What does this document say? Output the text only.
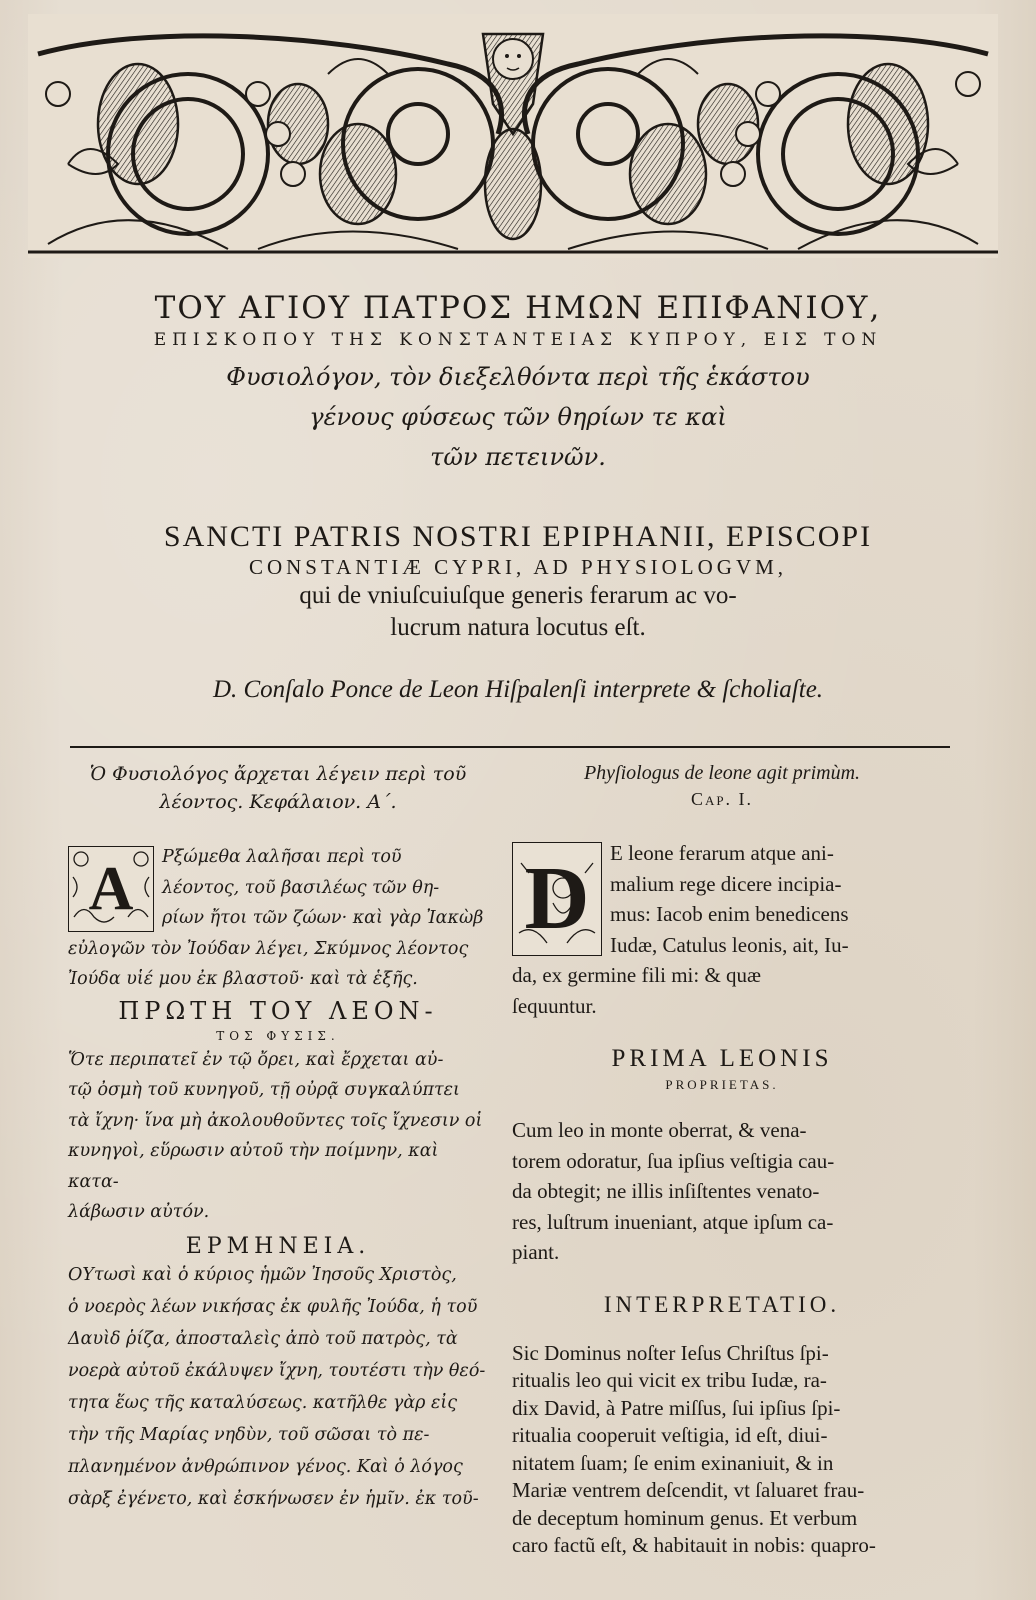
ΤΟΥ ΑΓΙΟΥ ΠΑΤΡΟΣ ΗΜΩΝ ΕΠΙΦΑΝΙΟΥ,
ΕΠΙΣΚΟΠΟΥ ΤΗΣ ΚΟΝΣΤΑΝΤΕΙΑΣ ΚΥΠΡΟΥ, ΕΙΣ ΤΟΝ
Φυσιολόγον, τὸν διεξελθόντα περὶ τῆς ἑκάστου
γένους φύσεως τῶν θηρίων τε καὶ
τῶν πετεινῶν.
SANCTI PATRIS NOSTRI EPIPHANII, EPISCOPI
CONSTANTIÆ CYPRI, AD PHYSIOLOGVM,
qui de vniuſcuiuſque generis ferarum ac vo-
lucrum natura locutus eſt.
D. Conſalo Ponce de Leon Hiſpalenſi interprete & ſcholiaſte.
Ὁ Φυσιολόγος ἄρχεται λέγειν περὶ τοῦ
λέοντος. Κεφάλαιον. Α΄.
Α	Ρξώμεθα λαλῆσαι περὶ τοῦ
λέοντος, τοῦ βασιλέως τῶν θη-
ρίων ἤτοι τῶν ζώων· καὶ γὰρ Ἰακὼβ
εὐλογῶν τὸν Ἰούδαν λέγει, Σκύμνος λέοντος
Ἰούδα υἱέ μου ἐκ βλαστοῦ· καὶ τὰ ἑξῆς.
ΠΡΩΤΗ ΤΟΥ ΛΕΟΝ-
ΤΟΣ ΦΥΣΙΣ.
Ὅτε περιπατεῖ ἐν τῷ ὄρει, καὶ ἔρχεται αὐ-
τῷ ὀσμὴ τοῦ κυνηγοῦ, τῇ οὐρᾷ συγκαλύπτει
τὰ ἴχνη· ἵνα μὴ ἀκολουθοῦντες τοῖς ἴχνεσιν οἱ
κυνηγοὶ, εὕρωσιν αὐτοῦ τὴν ποίμνην, καὶ κατα-
λάβωσιν αὐτόν.
ΕΡΜΗΝΕΙΑ.
ΟΥτωσὶ καὶ ὁ κύριος ἡμῶν Ἰησοῦς Χριστὸς,
ὁ νοερὸς λέων νικήσας ἐκ φυλῆς Ἰούδα, ἡ τοῦ
Δαυὶδ ῥίζα, ἀποσταλεὶς ἀπὸ τοῦ πατρὸς, τὰ
νοερὰ αὐτοῦ ἐκάλυψεν ἴχνη, τουτέστι τὴν θεό-
τητα ἕως τῆς καταλύσεως. κατῆλθε γὰρ εἰς
τὴν τῆς Μαρίας νηδὺν, τοῦ σῶσαι τὸ πε-
πλανημένον ἀνθρώπινον γένος. Καὶ ὁ λόγος
σὰρξ ἐγένετο, καὶ ἐσκήνωσεν ἐν ἡμῖν. ἐκ τοῦ-
Phyſiologus de leone agit primùm.
Cap. I.
D E leone ferarum atque ani-
malium rege dicere incipia-
mus: Iacob enim benedicens
Iudæ, Catulus leonis, ait, Iu-
da, ex germine fili mi: & quæ
ſequuntur.
PRIMA LEONIS
PROPRIETAS.
Cum leo in monte oberrat, & vena-
torem odoratur, ſua ipſius veſtigia cau-
da obtegit; ne illis inſiſtentes venato-
res, luſtrum inueniant, atque ipſum ca-
piant.
INTERPRETATIO.
Sic Dominus noſter Ieſus Chriſtus ſpi-
ritualis leo qui vicit ex tribu Iudæ, ra-
dix David, à Patre miſſus, ſui ipſius ſpi-
ritualia cooperuit veſtigia, id eſt, diui-
nitatem ſuam; ſe enim exinaniuit, & in
Mariæ ventrem deſcendit, vt ſaluaret frau-
de deceptum hominum genus. Et verbum
caro factũ eſt, & habitauit in nobis: quapro-
